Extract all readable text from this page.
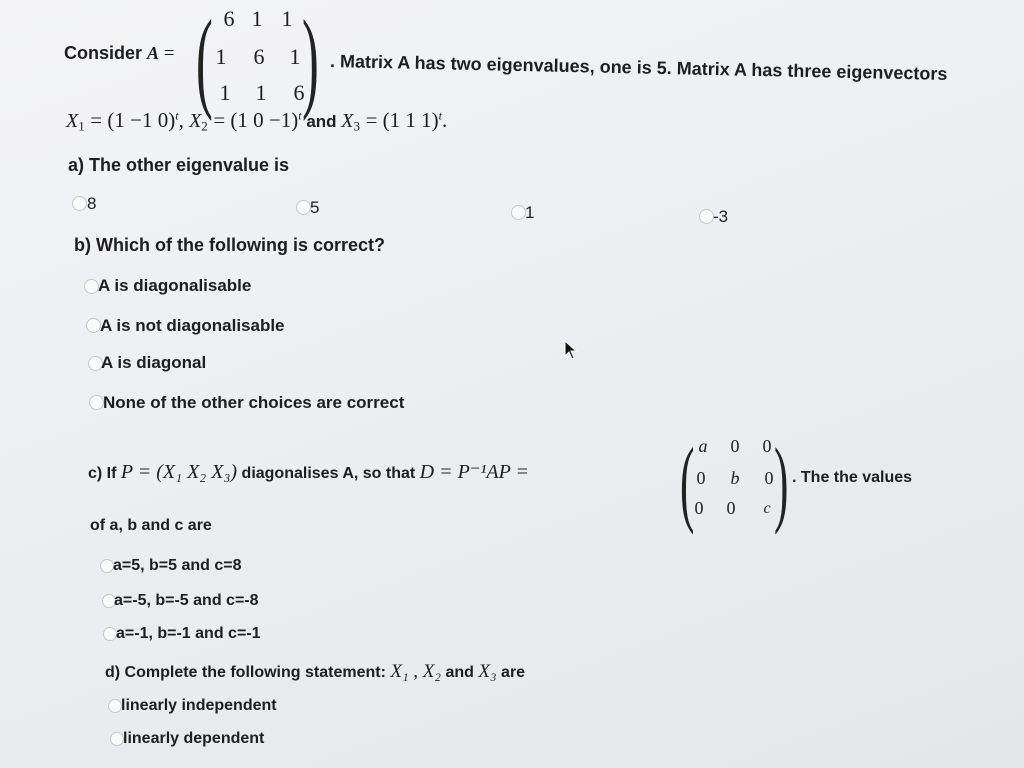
Consider A = ( )
6 1 1
1	6	1
1	1	6
. Matrix A has two eigenvalues, one is 5. Matrix A has three eigenvectors
$X_1 = (1 -1$ 0)$^t$, $X_2 = (1$ 0 −1)$^t$ and $X_3 = (1$ 1 1)$^t$.
a) The other eigenvalue is
8	5	1	-3
b) Which of the following is correct?
A is diagonalisable
A is not diagonalisable
A is diagonal
None of the other choices are correct
c) If P = (X₁ X₂ X₃) diagonalises A, so that D = P⁻¹AP = ( )
a	0	0
0	b	0
0	0	c
. The the values
of a, b and c are
a=5, b=5 and c=8
a=-5, b=-5 and c=-8
a=-1, b=-1 and c=-1
d) Complete the following statement: X₁ , X₂ and X₃ are
linearly independent
linearly dependent
